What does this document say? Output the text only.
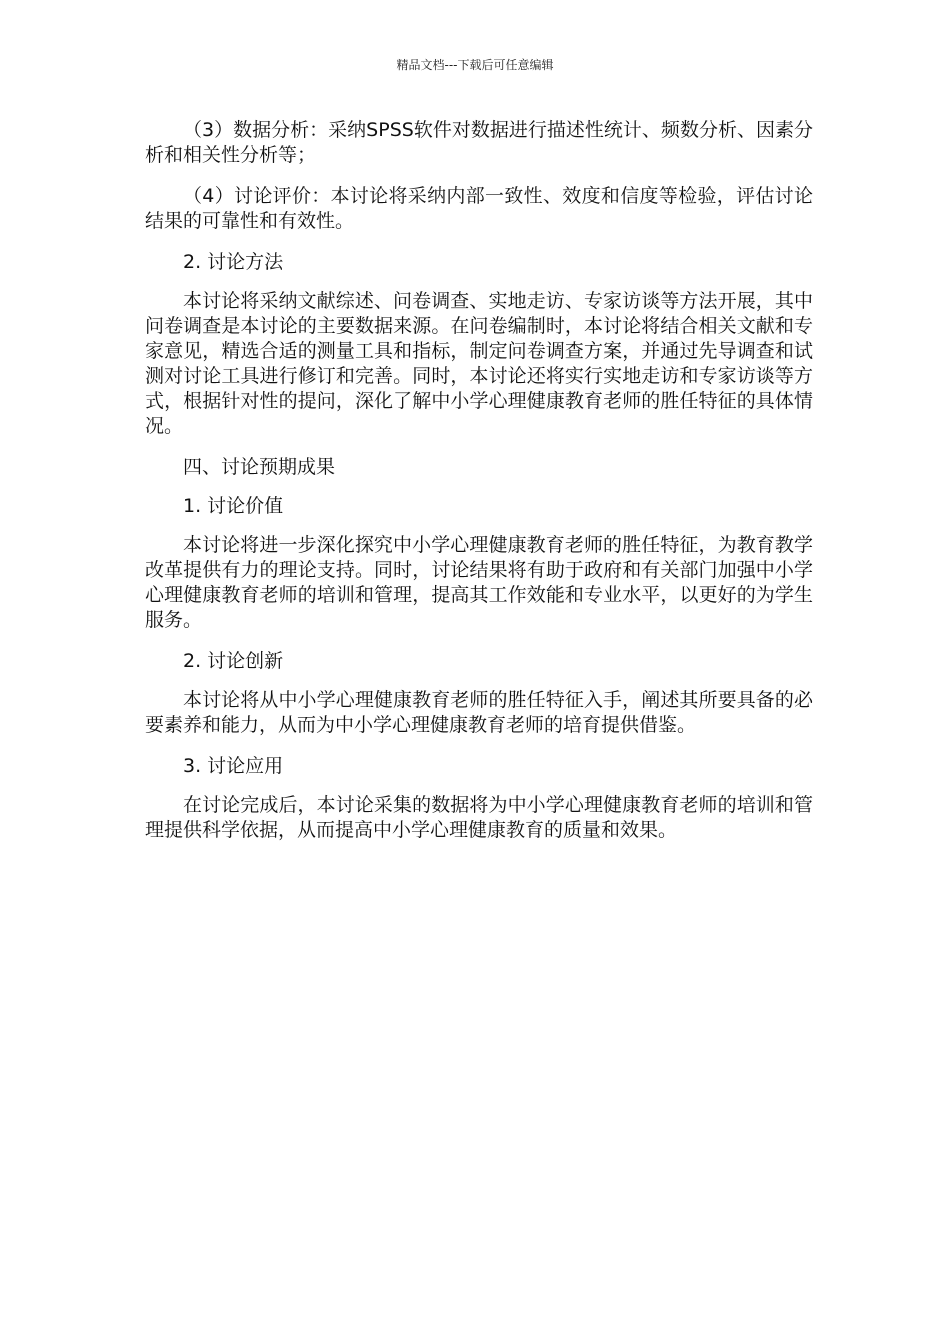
精品文档---下载后可任意编辑

（3）数据分析：采纳SPSS软件对数据进行描述性统计、频数分析、因素分析和相关性分析等；

（4）讨论评价：本讨论将采纳内部一致性、效度和信度等检验，评估讨论结果的可靠性和有效性。

2. 讨论方法

本讨论将采纳文献综述、问卷调查、实地走访、专家访谈等方法开展，其中问卷调查是本讨论的主要数据来源。在问卷编制时，本讨论将结合相关文献和专家意见，精选合适的测量工具和指标，制定问卷调查方案，并通过先导调查和试测对讨论工具进行修订和完善。同时，本讨论还将实行实地走访和专家访谈等方式，根据针对性的提问，深化了解中小学心理健康教育老师的胜任特征的具体情况。

四、讨论预期成果

1. 讨论价值

本讨论将进一步深化探究中小学心理健康教育老师的胜任特征，为教育教学改革提供有力的理论支持。同时，讨论结果将有助于政府和有关部门加强中小学心理健康教育老师的培训和管理，提高其工作效能和专业水平，以更好的为学生服务。

2. 讨论创新

本讨论将从中小学心理健康教育老师的胜任特征入手，阐述其所要具备的必要素养和能力，从而为中小学心理健康教育老师的培育提供借鉴。

3. 讨论应用

在讨论完成后，本讨论采集的数据将为中小学心理健康教育老师的培训和管理提供科学依据，从而提高中小学心理健康教育的质量和效果。
